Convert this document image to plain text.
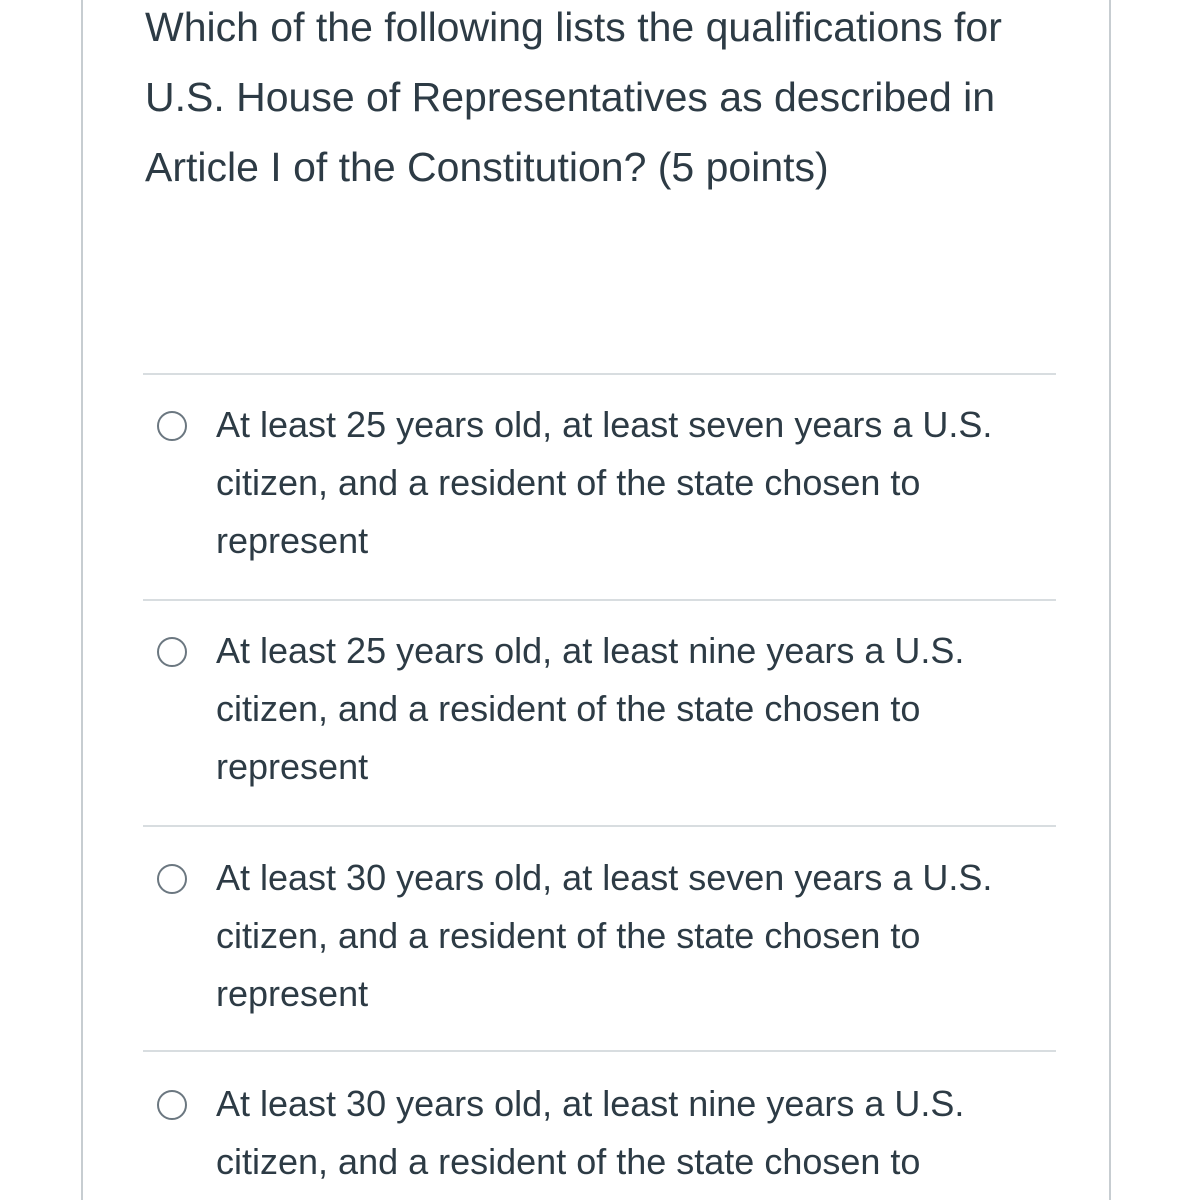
Which of the following lists the qualifications for U.S. House of Representatives as described in Article I of the Constitution? (5 points)

At least 25 years old, at least seven years a U.S. citizen, and a resident of the state chosen to represent
At least 25 years old, at least nine years a U.S. citizen, and a resident of the state chosen to represent
At least 30 years old, at least seven years a U.S. citizen, and a resident of the state chosen to represent
At least 30 years old, at least nine years a U.S. citizen, and a resident of the state chosen to
